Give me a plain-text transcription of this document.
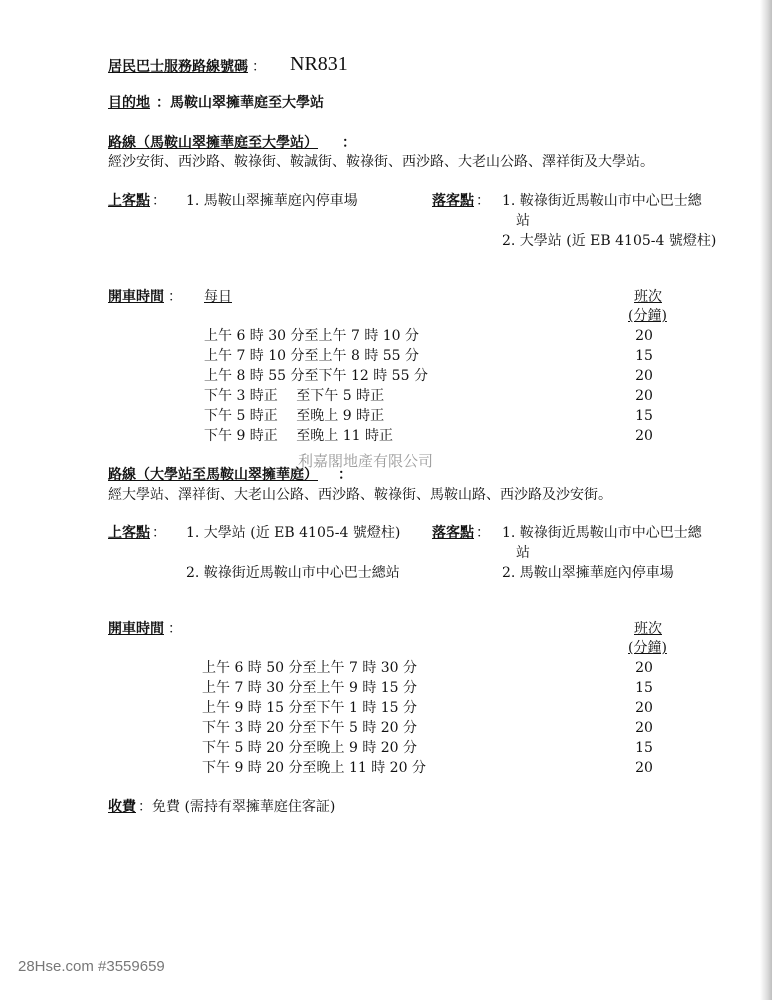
居民巴士服務路線號碼 ： NR831
目的地 ：馬鞍山翠擁華庭至大學站
路線（馬鞍山翠擁華庭至大學站） ：
經沙安街、西沙路、鞍祿街、鞍誠街、鞍祿街、西沙路、大老山公路、澤祥街及大學站。
上客點 ： 1. 馬鞍山翠擁華庭內停車場	落客點 ： 1. 鞍祿街近馬鞍山市中心巴士總
站
2. 大學站 (近 EB 4105-4 號燈柱)
開車時間 ： 每日	班次
(分鐘)
上午 6 時 30 分至上午 7 時 10 分	20
上午 7 時 10 分至上午 8 時 55 分	15
上午 8 時 55 分至下午 12 時 55 分	20
下午 3 時正　 至下午 5 時正	20
下午 5 時正　 至晚上 9 時正	15
下午 9 時正　 至晚上 11 時正	20
利嘉閣地產有限公司
路線（大學站至馬鞍山翠擁華庭） ：
經大學站、澤祥街、大老山公路、西沙路、鞍祿街、馬鞍山路、西沙路及沙安街。
上客點 ： 1. 大學站 (近 EB 4105-4 號燈柱)
2. 鞍祿街近馬鞍山市中心巴士總站
落客點 ： 1. 鞍祿街近馬鞍山市中心巴士總
站
2. 馬鞍山翠擁華庭內停車場
開車時間 ：	班次
(分鐘)
上午 6 時 50 分至上午 7 時 30 分	20
上午 7 時 30 分至上午 9 時 15 分	15
上午 9 時 15 分至下午 1 時 15 分	20
下午 3 時 20 分至下午 5 時 20 分	20
下午 5 時 20 分至晚上 9 時 20 分	15
下午 9 時 20 分至晚上 11 時 20 分	20
收費 ：免費 (需持有翠擁華庭住客証)
28Hse.com #3559659
